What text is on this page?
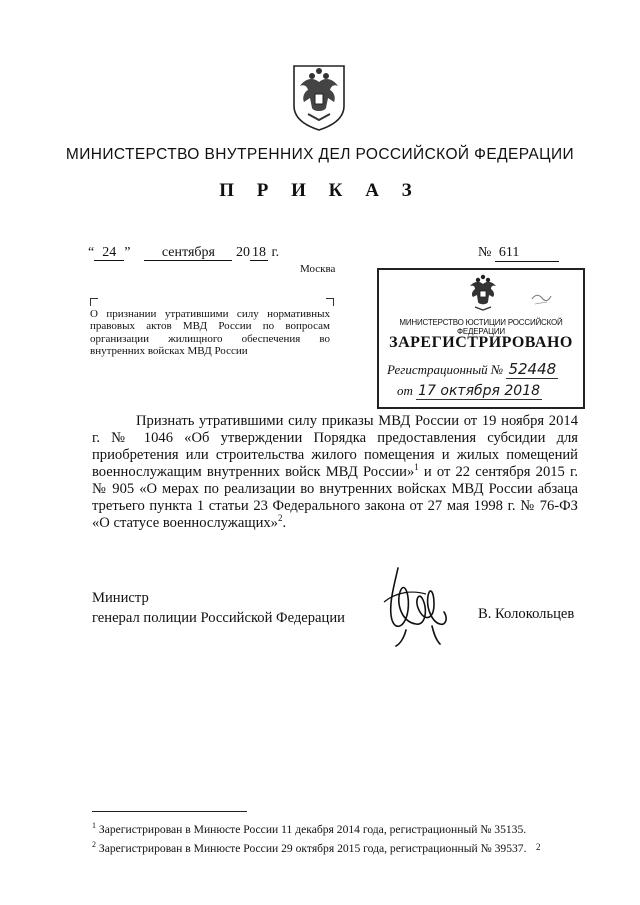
МИНИСТЕРСТВО ВНУТРЕННИХ ДЕЛ РОССИЙСКОЙ ФЕДЕРАЦИИ
П Р И К А З
“ 24 ” сентября 20 18 г.	№ 611
Москва
О признании утратившими силу нормативных правовых актов МВД России по вопросам организации жилищного обеспечения во внутренних войсках МВД России
МИНИСТЕРСТВО ЮСТИЦИИ РОССИЙСКОЙ ФЕДЕРАЦИИ
ЗАРЕГИСТРИРОВАНО
Регистрационный № 52448
от 17 октября 2018

Признать утратившими силу приказы МВД России от 19 ноября 2014 г. № 1046 «Об утверждении Порядка предоставления субсидии для приобретения или строительства жилого помещения и жилых помещений военнослужащим внутренних войск МВД России»$^1$ и от 22 сентября 2015 г. № 905 «О мерах по реализации во внутренних войсках МВД России абзаца третьего пункта 1 статьи 23 Федерального закона от 27 мая 1998 г. № 76-ФЗ «О статусе военнослужащих»$^2$.

Министр
генерал полиции Российской Федерации	В. Колокольцев
$^1$ Зарегистрирован в Минюсте России 11 декабря 2014 года, регистрационный № 35135.
$^2$ Зарегистрирован в Минюсте России 29 октября 2015 года, регистрационный № 39537. 2
